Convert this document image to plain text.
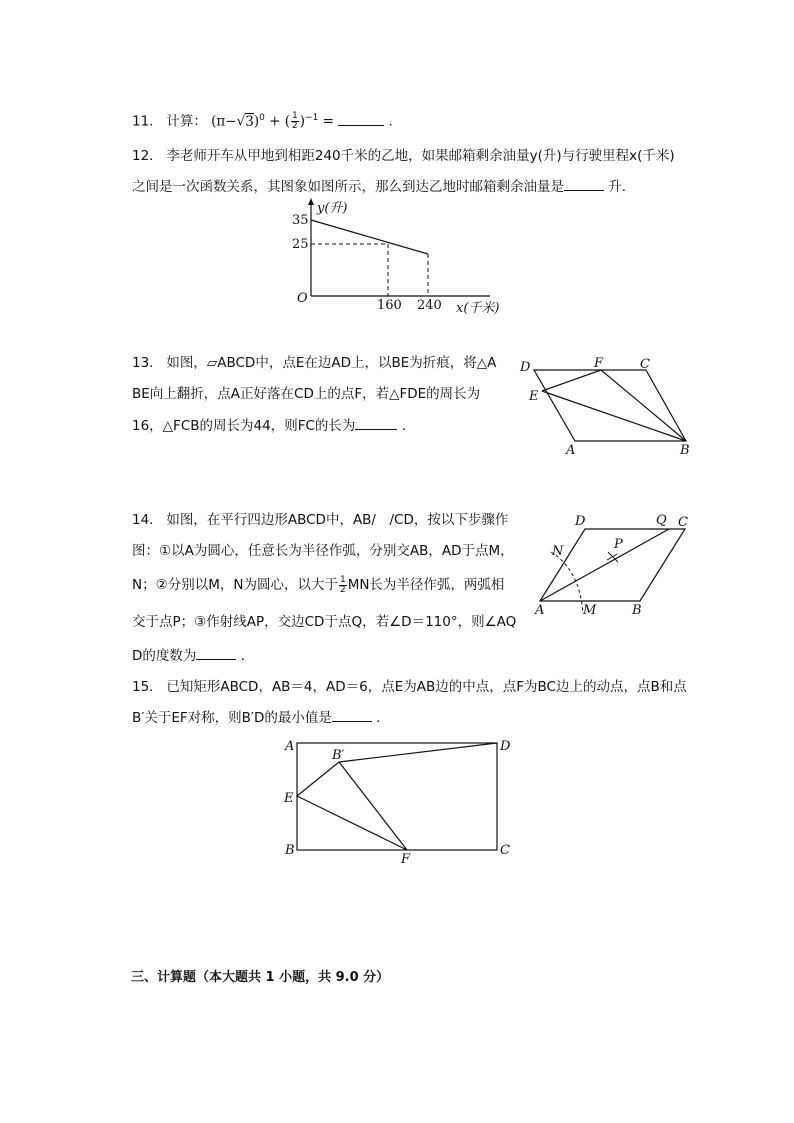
11. 计算： $(\pi-√3)^0$ + ( $\frac{1}{2} )^{-1}$ =	.
12. 李老师开车从甲地到相距240千米的乙地，如果邮箱剩余油量y(升)与行驶里程x(千米)
之间是一次函数关系，其图象如图所示，那么到达乙地时邮箱剩余油量是	升．
y(升)
35
25
O	160 240 x(千米)
13. 如图，▱ABCD中，点E在边AD上，以BE为折痕，将△A
BE向上翻折，点A正好落在CD上的点F，若△FDE的周长为
16，△FCB的周长为44，则FC的长为	．
D	F	C
E
A	B
14. 如图，在平行四边形ABCD中，AB/　/CD，按以下步骤作
图：①以A为圆心，任意长为半径作弧，分别交AB，AD于点M，
N；②分别以M，N为圆心，以大于 $\frac{1}{2}$ MN长为半径作弧，两弧相
交于点P；③作射线AP，交边CD于点Q，若∠D＝110°，则∠AQ
D的度数为	．
D	Q C
N	P
A	M	B
15. 已知矩形ABCD，AB＝4，AD＝6，点E为AB边的中点，点F为BC边上的动点，点B和点
B′关于EF对称，则B′D的最小值是	．
A
B′
D
E
B
F
C
三、计算题（本大题共 1 小题，共 9.0 分）
